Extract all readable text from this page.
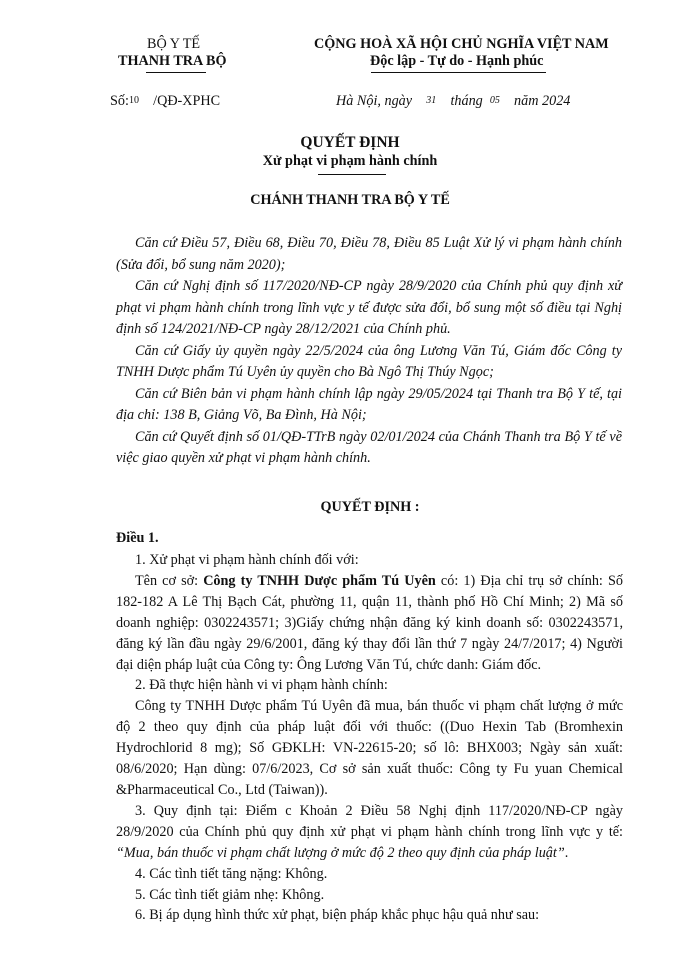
BỘ Y TẾ
THANH TRA BỘ
Số:10 /QĐ-XPHC
CỘNG HOÀ XÃ HỘI CHỦ NGHĨA VIỆT NAM
Độc lập - Tự do - Hạnh phúc
Hà Nội, ngày 31 tháng 05 năm 2024
QUYẾT ĐỊNH
Xử phạt vi phạm hành chính
CHÁNH THANH TRA BỘ Y TẾ
Căn cứ Điều 57, Điều 68, Điều 70, Điều 78, Điều 85 Luật Xử lý vi phạm hành chính (Sửa đổi, bổ sung năm 2020);
Căn cứ Nghị định số 117/2020/NĐ-CP ngày 28/9/2020 của Chính phủ quy định xử phạt vi phạm hành chính trong lĩnh vực y tế được sửa đổi, bổ sung một số điều tại Nghị định số 124/2021/NĐ-CP ngày 28/12/2021 của Chính phủ.
Căn cứ Giấy ủy quyền ngày 22/5/2024 của ông Lương Văn Tú, Giám đốc Công ty TNHH Dược phẩm Tú Uyên ủy quyền cho Bà Ngô Thị Thúy Ngọc;
Căn cứ Biên bản vi phạm hành chính lập ngày 29/05/2024 tại Thanh tra Bộ Y tế, tại địa chỉ: 138 B, Giảng Võ, Ba Đình, Hà Nội;
Căn cứ Quyết định số 01/QĐ-TTrB ngày 02/01/2024 của Chánh Thanh tra Bộ Y tế về việc giao quyền xử phạt vi phạm hành chính.
QUYẾT ĐỊNH :
Điều 1.
1. Xử phạt vi phạm hành chính đối với:
Tên cơ sở: Công ty TNHH Dược phẩm Tú Uyên có: 1) Địa chỉ trụ sở chính: Số 182-182 A Lê Thị Bạch Cát, phường 11, quận 11, thành phố Hồ Chí Minh; 2) Mã số doanh nghiệp: 0302243571; 3)Giấy chứng nhận đăng ký kinh doanh số: 0302243571, đăng ký lần đầu ngày 29/6/2001, đăng ký thay đổi lần thứ 7 ngày 24/7/2017; 4) Người đại diện pháp luật của Công ty: Ông Lương Văn Tú, chức danh: Giám đốc.
2. Đã thực hiện hành vi vi phạm hành chính:
Công ty TNHH Dược phẩm Tú Uyên đã mua, bán thuốc vi phạm chất lượng ở mức độ 2 theo quy định của pháp luật đối với thuốc: ((Duo Hexin Tab (Bromhexin Hydrochlorid 8 mg); Số GĐKLH: VN-22615-20; số lô: BHX003; Ngày sản xuất: 08/6/2020; Hạn dùng: 07/6/2023, Cơ sở sản xuất thuốc: Công ty Fu yuan Chemical &Pharmaceutical Co., Ltd (Taiwan)).
3. Quy định tại: Điểm c Khoản 2 Điều 58 Nghị định 117/2020/NĐ-CP ngày 28/9/2020 của Chính phủ quy định xử phạt vi phạm hành chính trong lĩnh vực y tế: “Mua, bán thuốc vi phạm chất lượng ở mức độ 2 theo quy định của pháp luật”.
4. Các tình tiết tăng nặng: Không.
5. Các tình tiết giảm nhẹ: Không.
6. Bị áp dụng hình thức xử phạt, biện pháp khắc phục hậu quả như sau:
